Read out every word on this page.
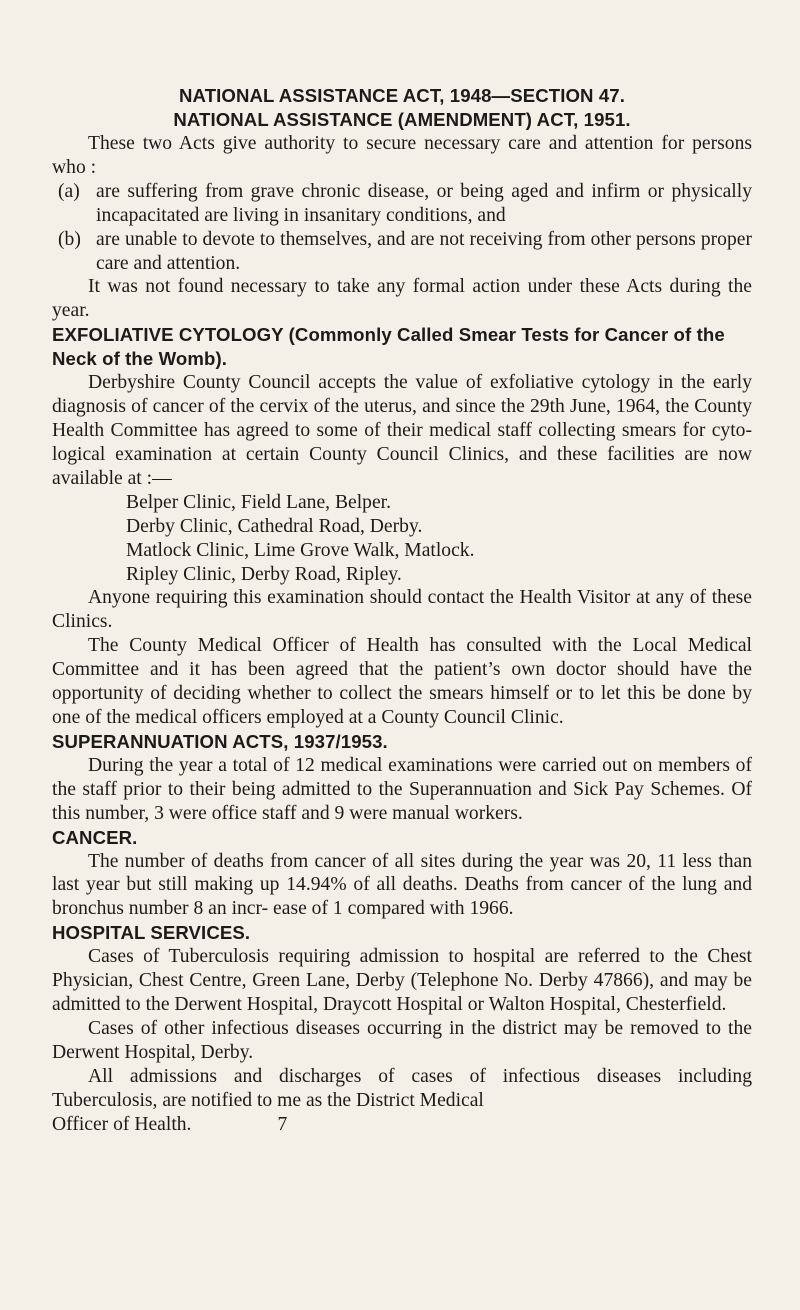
NATIONAL ASSISTANCE ACT, 1948—SECTION 47.
NATIONAL ASSISTANCE (AMENDMENT) ACT, 1951.

These two Acts give authority to secure necessary care and attention for persons who :

(a) are suffering from grave chronic disease, or being aged and infirm or physically incapacitated are living in insanitary conditions, and
(b) are unable to devote to themselves, and are not receiving from other persons proper care and attention.

It was not found necessary to take any formal action under these Acts during the year.

EXFOLIATIVE CYTOLOGY (Commonly Called Smear Tests for Cancer of the Neck of the Womb).

Derbyshire County Council accepts the value of exfoliative cytology in the early diagnosis of cancer of the cervix of the uterus, and since the 29th June, 1964, the County Health Committee has agreed to some of their medical staff collecting smears for cyto- logical examination at certain County Council Clinics, and these facilities are now available at :—

Belper Clinic, Field Lane, Belper.
Derby Clinic, Cathedral Road, Derby.
Matlock Clinic, Lime Grove Walk, Matlock.
Ripley Clinic, Derby Road, Ripley.

Anyone requiring this examination should contact the Health Visitor at any of these Clinics.

The County Medical Officer of Health has consulted with the Local Medical Committee and it has been agreed that the patient’s own doctor should have the opportunity of deciding whether to collect the smears himself or to let this be done by one of the medical officers employed at a County Council Clinic.

SUPERANNUATION ACTS, 1937/1953.

During the year a total of 12 medical examinations were carried out on members of the staff prior to their being admitted to the Superannuation and Sick Pay Schemes. Of this number, 3 were office staff and 9 were manual workers.

CANCER.

The number of deaths from cancer of all sites during the year was 20, 11 less than last year but still making up 14.94% of all deaths. Deaths from cancer of the lung and bronchus number 8 an incr- ease of 1 compared with 1966.

HOSPITAL SERVICES.

Cases of Tuberculosis requiring admission to hospital are referred to the Chest Physician, Chest Centre, Green Lane, Derby (Telephone No. Derby 47866), and may be admitted to the Derwent Hospital, Draycott Hospital or Walton Hospital, Chesterfield.

Cases of other infectious diseases occurring in the district may be removed to the Derwent Hospital, Derby.

All admissions and discharges of cases of infectious diseases including Tuberculosis, are notified to me as the District Medical

Officer of Health.	7
